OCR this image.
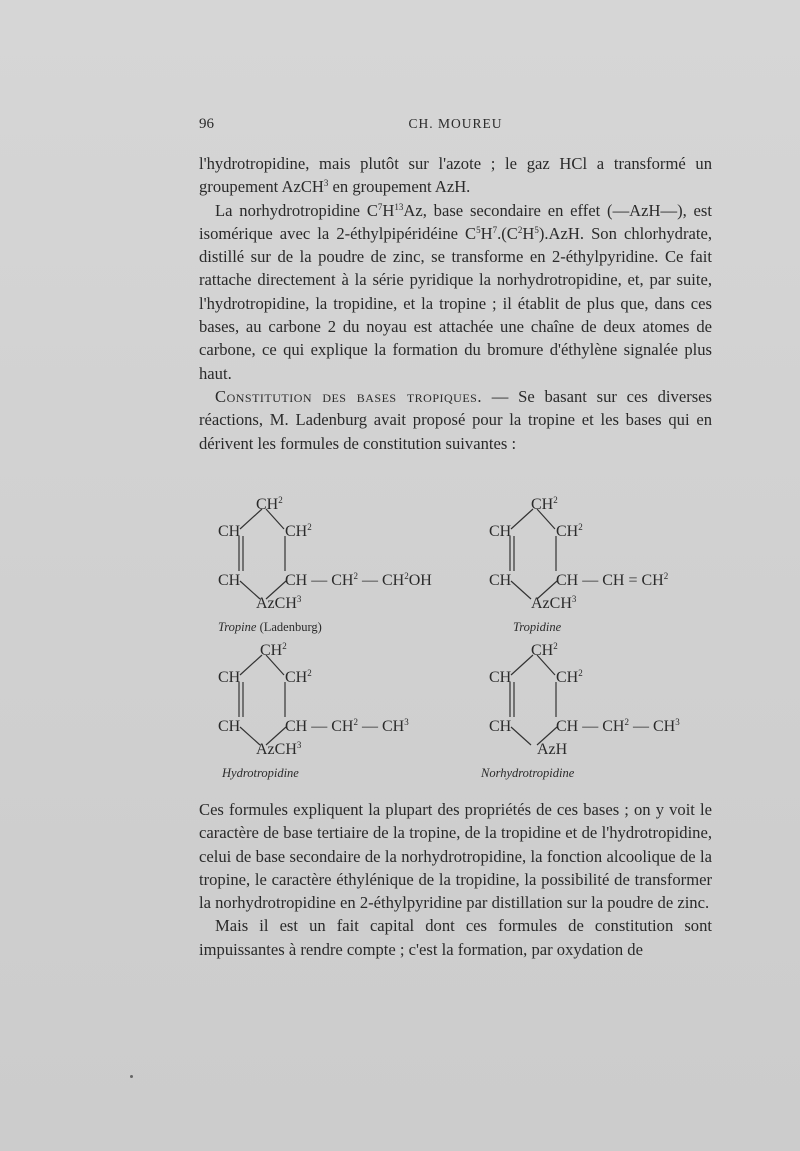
96	CH. MOUREU

l'hydrotropidine, mais plutôt sur l'azote ; le gaz HCl a transformé un groupement AzCH$^3$ en groupement AzH.

La norhydrotropidine $C^7H^{13}Az$, base secondaire en effet (—AzH—), est isomérique avec la 2-éthylpipéridéine $C^5H^7.(C^2H^5).AzH$. Son chlorhydrate, distillé sur de la poudre de zinc, se transforme en 2-éthylpyridine. Ce fait rattache directement à la série pyridique la norhydrotropidine, et, par suite, l'hydrotropidine, la tropidine, et la tropine ; il établit de plus que, dans ces bases, au carbone 2 du noyau est attachée une chaîne de deux atomes de carbone, ce qui explique la formation du bromure d'éthylène signalée plus haut.

Constitution des bases tropiques. — Se basant sur ces diverses réactions, M. Ladenburg avait proposé pour la tropine et les bases qui en dérivent les formules de constitution suivantes :

$CH^2$
CH	$CH^2$
CH	CH — $CH^2$ — $CH^2OH$
AzCH$^3$
Tropine (Ladenburg)
$CH^2$
CH	$CH^2$
CH	CH — CH = $CH^2$
AzCH$^3$
Tropidine
$CH^2$
CH	$CH^2$
CH	CH — $CH^2$ — $CH^3$
AzCH$^3$
Hydrotropidine
$CH^2$
CH	$CH^2$
CH	CH — $CH^2$ — $CH^3$
AzH
Norhydrotropidine

Ces formules expliquent la plupart des propriétés de ces bases ; on y voit le caractère de base tertiaire de la tropine, de la tropidine et de l'hydrotropidine, celui de base secondaire de la norhydrotropidine, la fonction alcoolique de la tropine, le caractère éthylénique de la tropidine, la possibilité de transformer la norhydrotropidine en 2-éthylpyridine par distillation sur la poudre de zinc.

Mais il est un fait capital dont ces formules de constitution sont impuissantes à rendre compte ; c'est la formation, par oxydation de
